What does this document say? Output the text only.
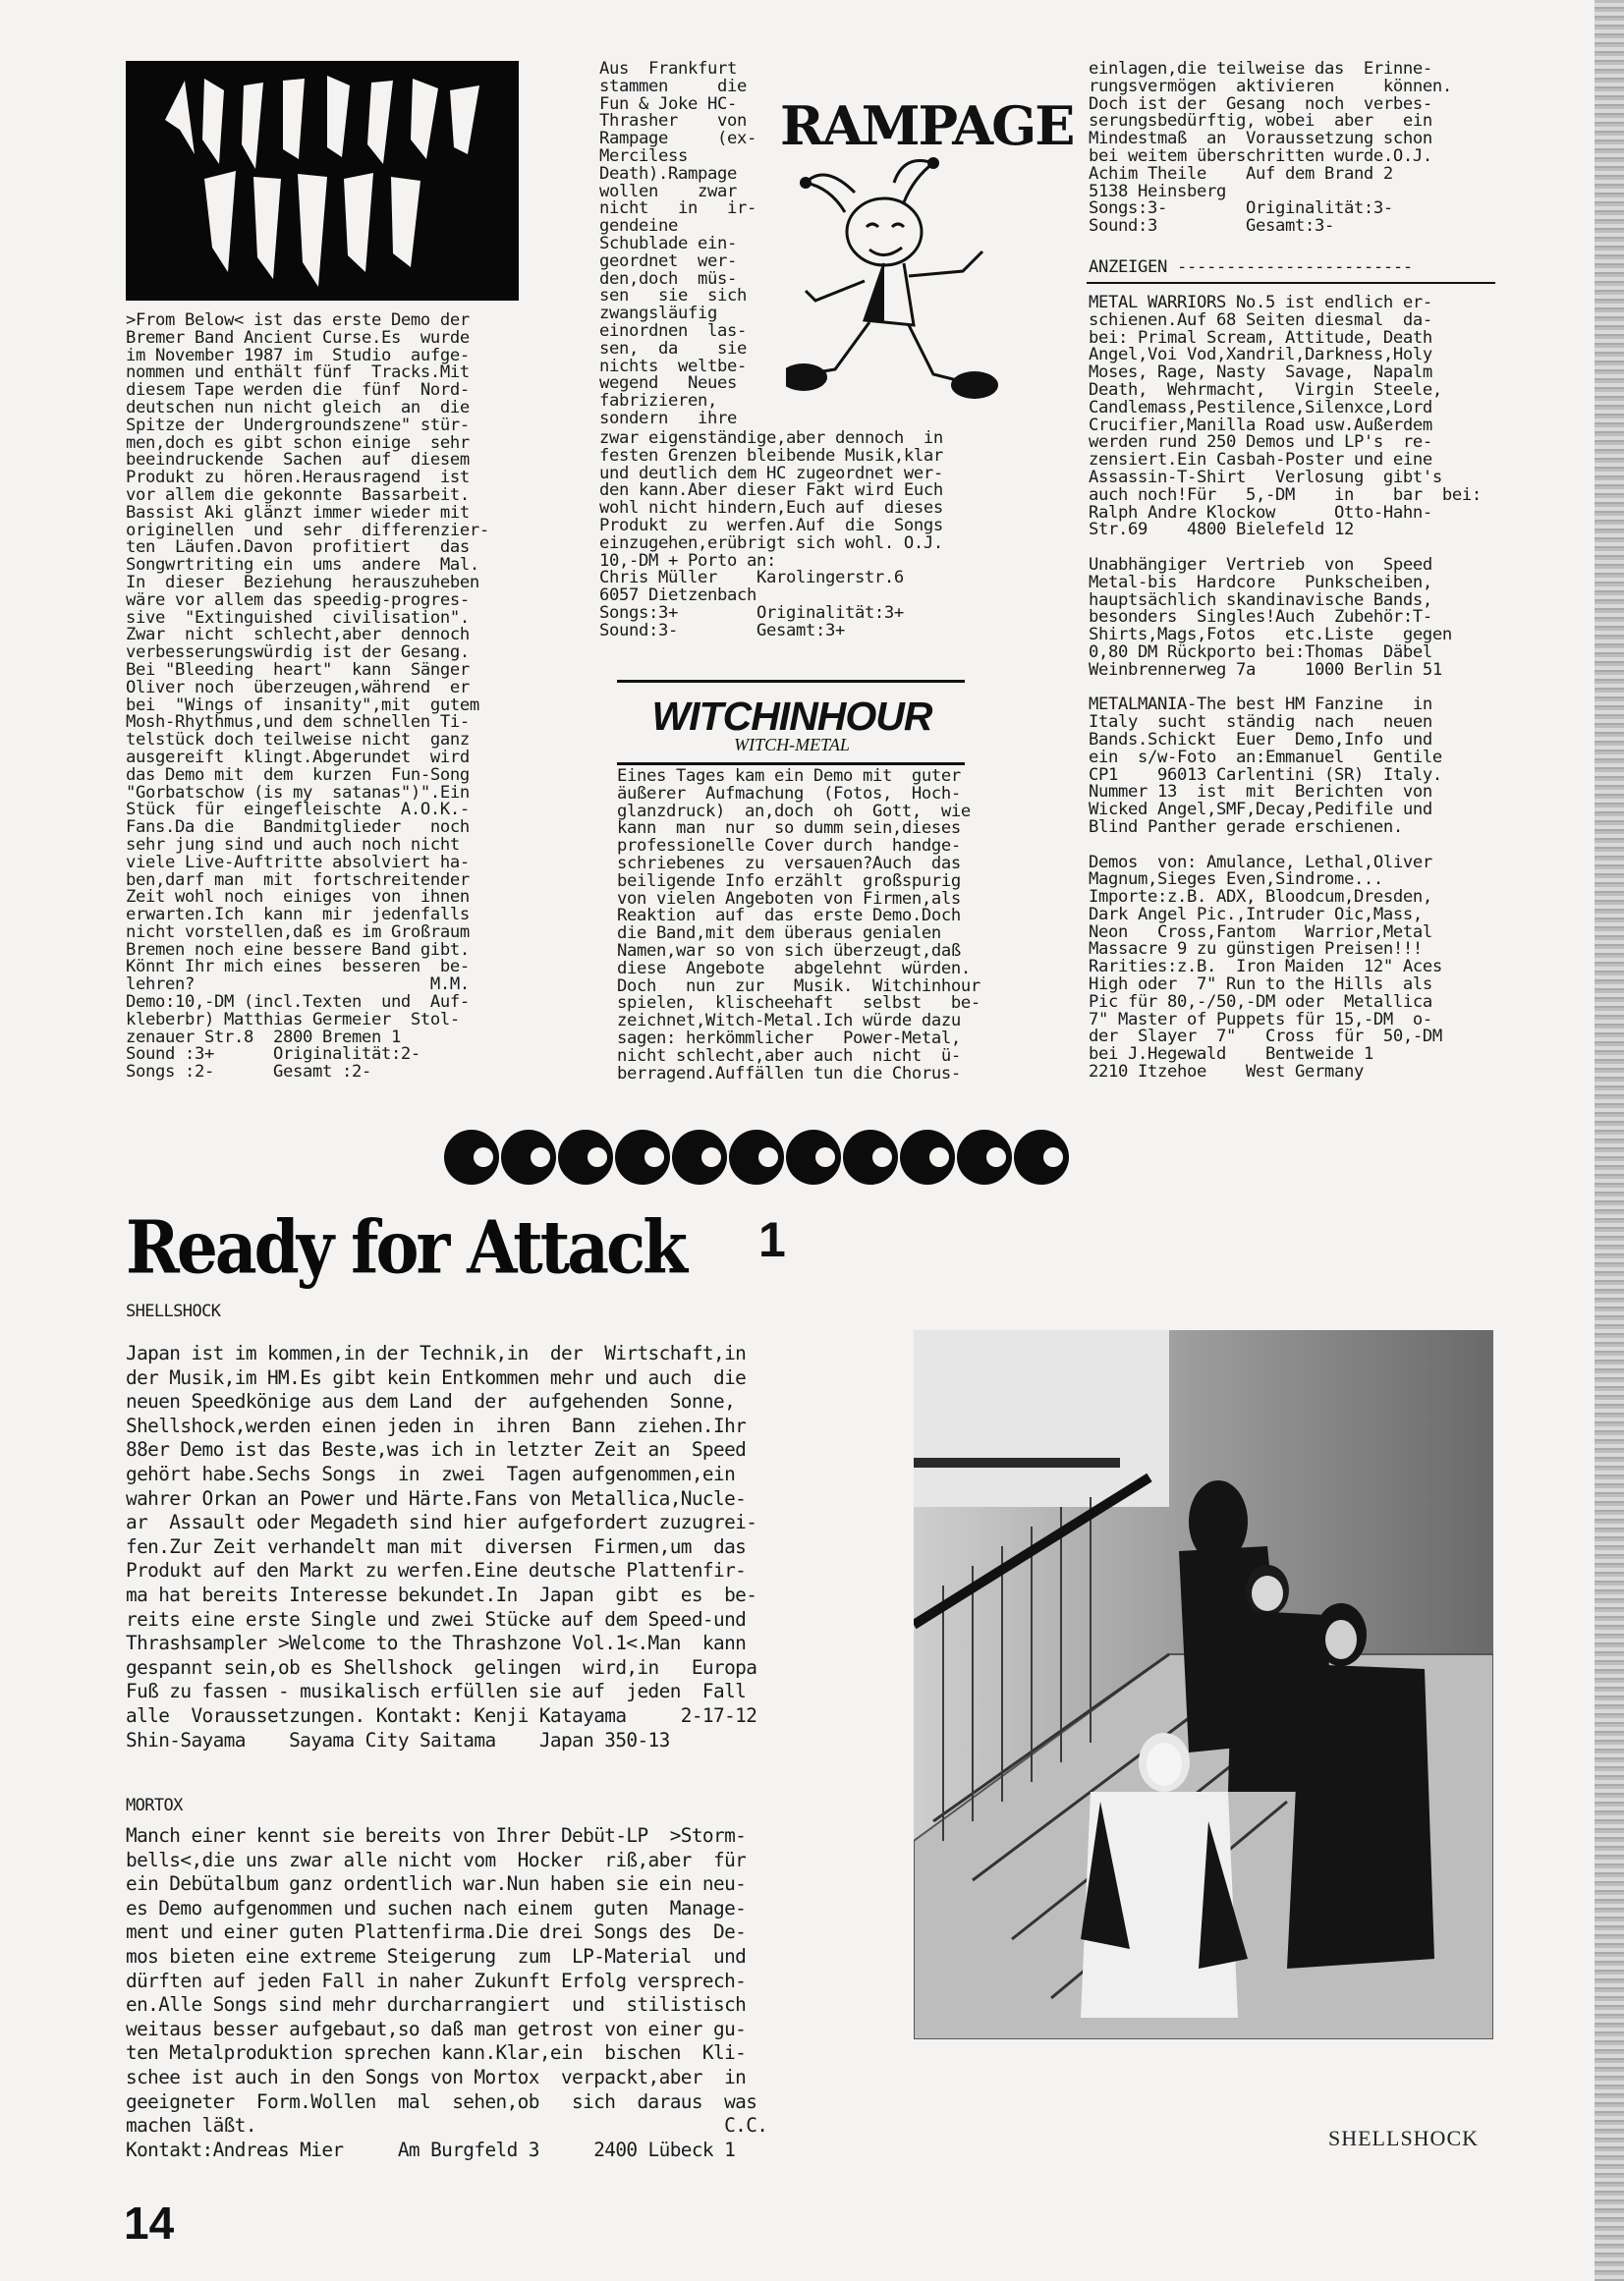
>From Below< ist das erste Demo der
Bremer Band Ancient Curse.Es  wurde
im November 1987 im  Studio  aufge-
nommen und enthält fünf  Tracks.Mit
diesem Tape werden die  fünf  Nord-
deutschen nun nicht gleich  an  die
Spitze der  Undergroundszene" stür-
men,doch es gibt schon einige  sehr
beeindruckende  Sachen  auf  diesem
Produkt zu  hören.Herausragend  ist
vor allem die gekonnte  Bassarbeit.
Bassist Aki glänzt immer wieder mit
originellen  und  sehr  differenzier-
ten  Läufen.Davon  profitiert   das
Songwrtriting ein  ums  andere  Mal.
In  dieser  Beziehung  herauszuheben
wäre vor allem das speedig-progres-
sive  "Extinguished  civilisation".
Zwar  nicht  schlecht,aber  dennoch
verbesserungswürdig ist der Gesang.
Bei "Bleeding  heart"  kann  Sänger
Oliver noch  überzeugen,während  er
bei  "Wings of  insanity",mit  gutem
Mosh-Rhythmus,und dem schnellen Ti-
telstück doch teilweise nicht  ganz
ausgereift  klingt.Abgerundet  wird
das Demo mit  dem  kurzen  Fun-Song
"Gorbatschow (is my  satanas")".Ein
Stück  für  eingefleischte  A.O.K.-
Fans.Da die   Bandmitglieder   noch
sehr jung sind und auch noch nicht
viele Live-Auftritte absolviert ha-
ben,darf man  mit  fortschreitender
Zeit wohl noch  einiges  von  ihnen
erwarten.Ich  kann  mir  jedenfalls
nicht vorstellen,daß es im Großraum
Bremen noch eine bessere Band gibt.
Könnt Ihr mich eines  besseren  be-
lehren?                        M.M.
Demo:10,-DM (incl.Texten  und  Auf-
kleberbr) Matthias Germeier  Stol-
zenauer Str.8  2800 Bremen 1
Sound :3+      Originalität:2-
Songs :2-      Gesamt :2-
Aus  Frankfurt
stammen     die
Fun & Joke HC-
Thrasher    von
Rampage     (ex-
Merciless
Death).Rampage
wollen    zwar
nicht   in   ir-
gendeine
Schublade ein-
geordnet  wer-
den,doch  müs-
sen   sie  sich
zwangsläufig
einordnen  las-
sen,  da    sie
nichts  weltbe-
wegend   Neues
fabrizieren,
sondern   ihre
RAMPAGE
zwar eigenständige,aber dennoch  in
festen Grenzen bleibende Musik,klar
und deutlich dem HC zugeordnet wer-
den kann.Aber dieser Fakt wird Euch
wohl nicht hindern,Euch auf  dieses
Produkt  zu  werfen.Auf  die  Songs
einzugehen,erübrigt sich wohl. O.J.
10,-DM + Porto an:
Chris Müller    Karolingerstr.6
6057 Dietzenbach
Songs:3+        Originalität:3+
Sound:3-        Gesamt:3+
WITCHINHOUR
WITCH-METAL
Eines Tages kam ein Demo mit  guter
äußerer  Aufmachung  (Fotos,  Hoch-
glanzdruck)  an,doch  oh  Gott,  wie
kann  man  nur  so dumm sein,dieses
professionelle Cover durch  handge-
schriebenes  zu  versauen?Auch  das
beiligende Info erzählt  großspurig
von vielen Angeboten von Firmen,als
Reaktion  auf  das  erste Demo.Doch
die Band,mit dem überaus genialen
Namen,war so von sich überzeugt,daß
diese  Angebote   abgelehnt  würden.
Doch   nun  zur   Musik.  Witchinhour
spielen,  klischeehaft   selbst   be-
zeichnet,Witch-Metal.Ich würde dazu
sagen: herkömmlicher   Power-Metal,
nicht schlecht,aber auch  nicht  ü-
berragend.Auffällen tun die Chorus-
einlagen,die teilweise das  Erinne-
rungsvermögen  aktivieren     können.
Doch ist der  Gesang  noch  verbes-
serungsbedürftig, wobei  aber   ein
Mindestmaß  an  Voraussetzung schon
bei weitem überschritten wurde.O.J.
Achim Theile    Auf dem Brand 2
5138 Heinsberg
Songs:3-        Originalität:3-
Sound:3         Gesamt:3-
ANZEIGEN ------------------------
METAL WARRIORS No.5 ist endlich er-
schienen.Auf 68 Seiten diesmal  da-
bei: Primal Scream, Attitude, Death
Angel,Voi Vod,Xandril,Darkness,Holy
Moses, Rage, Nasty  Savage,  Napalm
Death,  Wehrmacht,   Virgin  Steele,
Candlemass,Pestilence,Silenxce,Lord
Crucifier,Manilla Road usw.Außerdem
werden rund 250 Demos und LP's  re-
zensiert.Ein Casbah-Poster und eine
Assassin-T-Shirt   Verlosung  gibt's
auch noch!Für   5,-DM    in    bar  bei:
Ralph Andre Klockow      Otto-Hahn-
Str.69    4800 Bielefeld 12

Unabhängiger  Vertrieb  von   Speed
Metal-bis  Hardcore   Punkscheiben,
hauptsächlich skandinavische Bands,
besonders  Singles!Auch  Zubehör:T-
Shirts,Mags,Fotos   etc.Liste   gegen
0,80 DM Rückporto bei:Thomas  Däbel
Weinbrennerweg 7a     1000 Berlin 51

METALMANIA-The best HM Fanzine   in
Italy  sucht  ständig  nach   neuen
Bands.Schickt  Euer  Demo,Info  und
ein  s/w-Foto  an:Emmanuel   Gentile
CP1    96013 Carlentini (SR)  Italy.
Nummer 13  ist  mit  Berichten  von
Wicked Angel,SMF,Decay,Pedifile und
Blind Panther gerade erschienen.

Demos  von: Amulance, Lethal,Oliver
Magnum,Sieges Even,Sindrome...
Importe:z.B. ADX, Bloodcum,Dresden,
Dark Angel Pic.,Intruder Oic,Mass,
Neon   Cross,Fantom   Warrior,Metal
Massacre 9 zu günstigen Preisen!!!
Rarities:z.B.  Iron Maiden  12" Aces
High oder  7" Run to the Hills  als
Pic für 80,-/50,-DM oder  Metallica
7" Master of Puppets für 15,-DM  o-
der  Slayer  7"   Cross  für  50,-DM
bei J.Hegewald    Bentweide 1
2210 Itzehoe    West Germany
Ready for Attack 1
SHELLSHOCK
Japan ist im kommen,in der Technik,in  der  Wirtschaft,in
der Musik,im HM.Es gibt kein Entkommen mehr und auch  die
neuen Speedkönige aus dem Land  der  aufgehenden  Sonne,
Shellshock,werden einen jeden in  ihren  Bann  ziehen.Ihr
88er Demo ist das Beste,was ich in letzter Zeit an  Speed
gehört habe.Sechs Songs  in  zwei  Tagen aufgenommen,ein
wahrer Orkan an Power und Härte.Fans von Metallica,Nucle-
ar  Assault oder Megadeth sind hier aufgefordert zuzugrei-
fen.Zur Zeit verhandelt man mit  diversen  Firmen,um  das
Produkt auf den Markt zu werfen.Eine deutsche Plattenfir-
ma hat bereits Interesse bekundet.In  Japan  gibt  es  be-
reits eine erste Single und zwei Stücke auf dem Speed-und
Thrashsampler >Welcome to the Thrashzone Vol.1<.Man  kann
gespannt sein,ob es Shellshock  gelingen  wird,in   Europa
Fuß zu fassen - musikalisch erfüllen sie auf  jeden  Fall
alle  Voraussetzungen. Kontakt: Kenji Katayama     2-17-12
Shin-Sayama    Sayama City Saitama    Japan 350-13
MORTOX
Manch einer kennt sie bereits von Ihrer Debüt-LP  >Storm-
bells<,die uns zwar alle nicht vom  Hocker  riß,aber  für
ein Debütalbum ganz ordentlich war.Nun haben sie ein neu-
es Demo aufgenommen und suchen nach einem  guten  Manage-
ment und einer guten Plattenfirma.Die drei Songs des  De-
mos bieten eine extreme Steigerung  zum  LP-Material  und
dürften auf jeden Fall in naher Zukunft Erfolg versprech-
en.Alle Songs sind mehr durcharrangiert  und  stilistisch
weitaus besser aufgebaut,so daß man getrost von einer gu-
ten Metalproduktion sprechen kann.Klar,ein  bischen  Kli-
schee ist auch in den Songs von Mortox  verpackt,aber  in
geeigneter  Form.Wollen  mal  sehen,ob   sich  daraus  was
machen läßt.                                           C.C.
Kontakt:Andreas Mier     Am Burgfeld 3     2400 Lübeck 1	SHELLSHOCK
14
